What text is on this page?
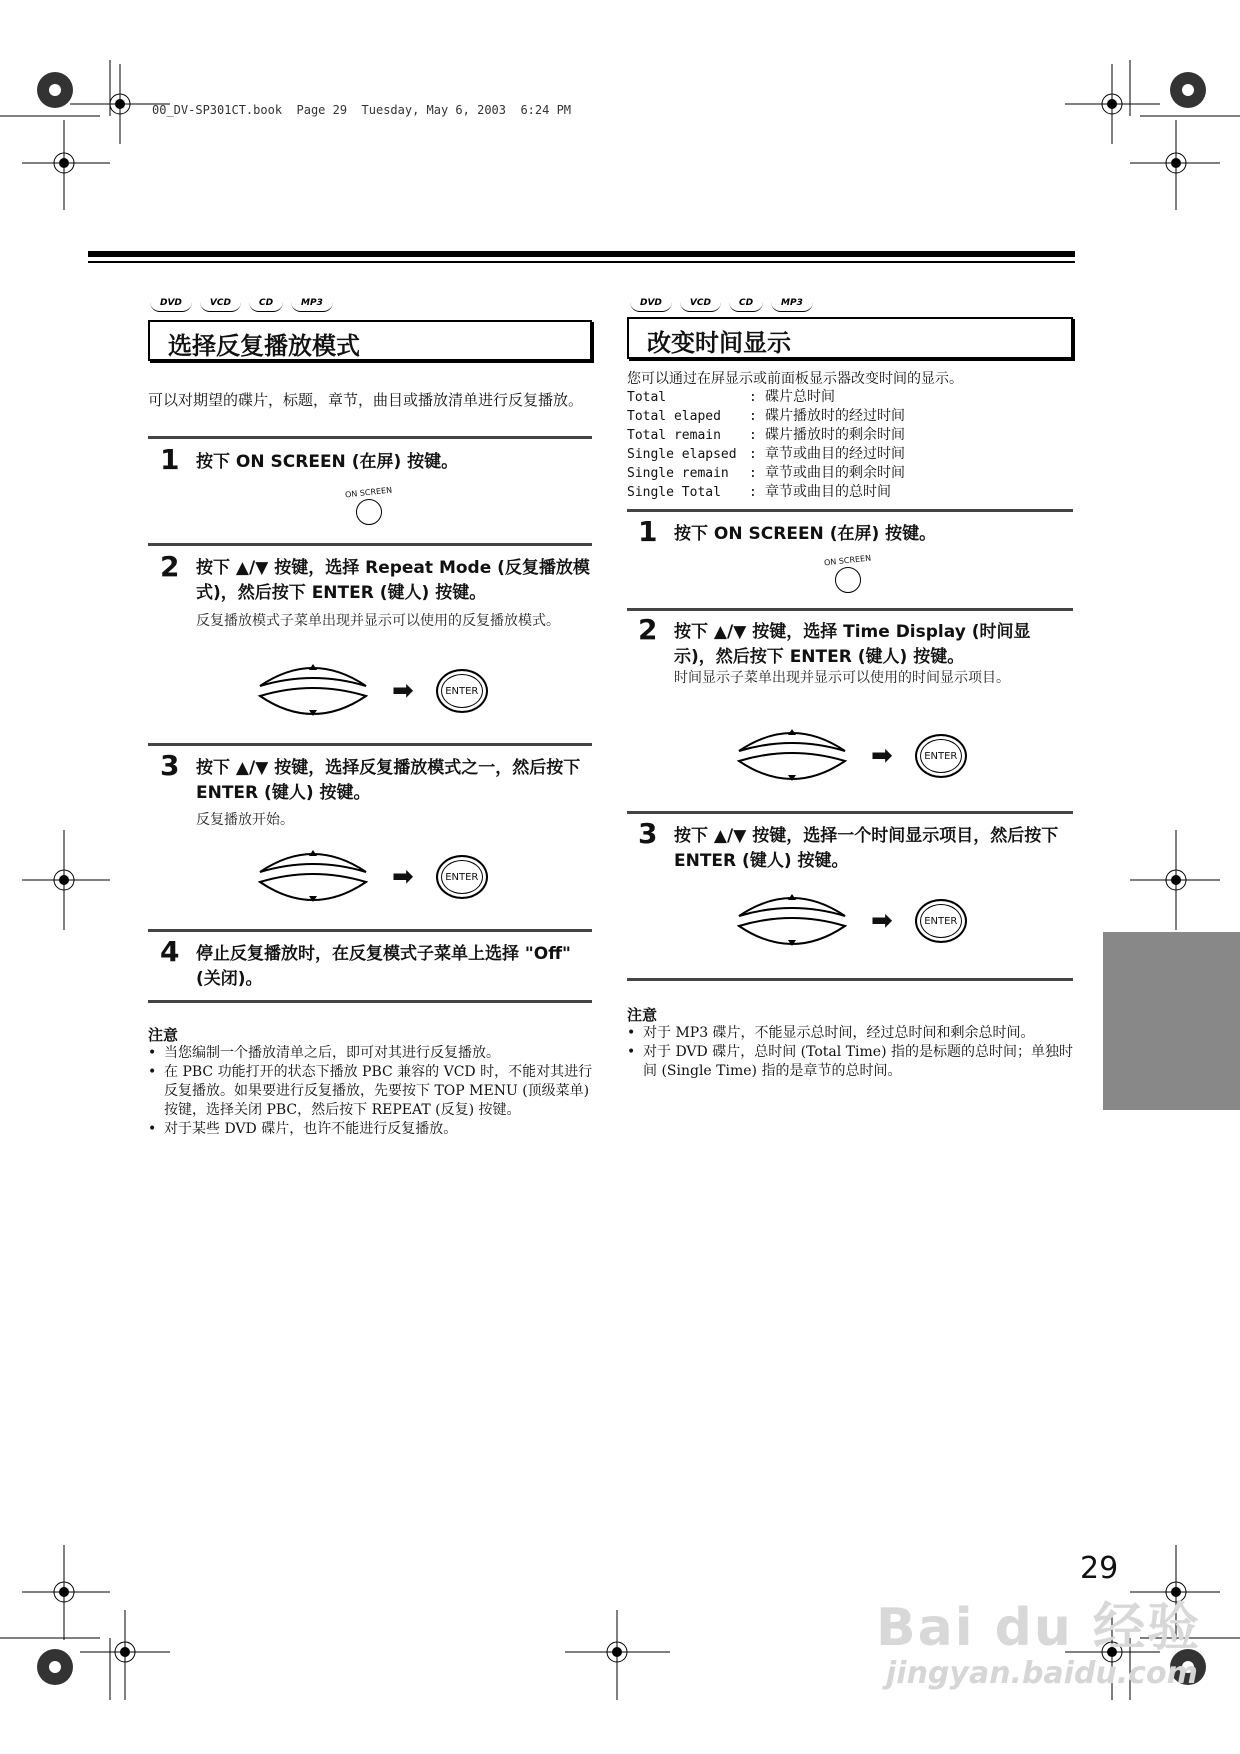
00_DV-SP301CT.book  Page 29  Tuesday, May 6, 2003  6:24 PM
DVD	VCD	CD	MP3
选择反复播放模式
可以对期望的碟片，标题，章节，曲目或播放清单进行反复播放。
1 按下 ON SCREEN (在屏) 按键。
ON SCREEN
2 按下 ▲/▼ 按键，选择 Repeat Mode (反复播放模式)，然后按下 ENTER (键人) 按键。
反复播放模式子菜单出现并显示可以使用的反复播放模式。
➡	ENTER
3 按下 ▲/▼ 按键，选择反复播放模式之一，然后按下 ENTER (键人) 按键。
反复播放开始。
➡	ENTER
4 停止反复播放时，在反复模式子菜单上选择 "Off" (关闭)。
注意
• 当您编制一个播放清单之后，即可对其进行反复播放。
• 在 PBC 功能打开的状态下播放 PBC 兼容的 VCD 时，不能对其进行反复播放。如果要进行反复播放，先要按下 TOP MENU (顶级菜单) 按键，选择关闭 PBC，然后按下 REPEAT (反复) 按键。
• 对于某些 DVD 碟片，也许不能进行反复播放。
DVD	VCD	CD	MP3
改变时间显示
您可以通过在屏显示或前面板显示器改变时间的显示。
Total	: 碟片总时间
Total elaped	: 碟片播放时的经过时间
Total remain	: 碟片播放时的剩余时间
Single elapsed : 章节或曲目的经过时间
Single remain	: 章节或曲目的剩余时间
Single Total	: 章节或曲目的总时间
1 按下 ON SCREEN (在屏) 按键。
ON SCREEN
2 按下 ▲/▼ 按键，选择 Time Display (时间显示)，然后按下 ENTER (键人) 按键。
时间显示子菜单出现并显示可以使用的时间显示项目。
➡	ENTER
3 按下 ▲/▼ 按键，选择一个时间显示项目，然后按下 ENTER (键人) 按键。
➡	ENTER
注意
• 对于 MP3 碟片，不能显示总时间，经过总时间和剩余总时间。
• 对于 DVD 碟片，总时间 (Total Time) 指的是标题的总时间；单独时间 (Single Time) 指的是章节的总时间。
29
Bai du 经验
jingyan.baidu.com
